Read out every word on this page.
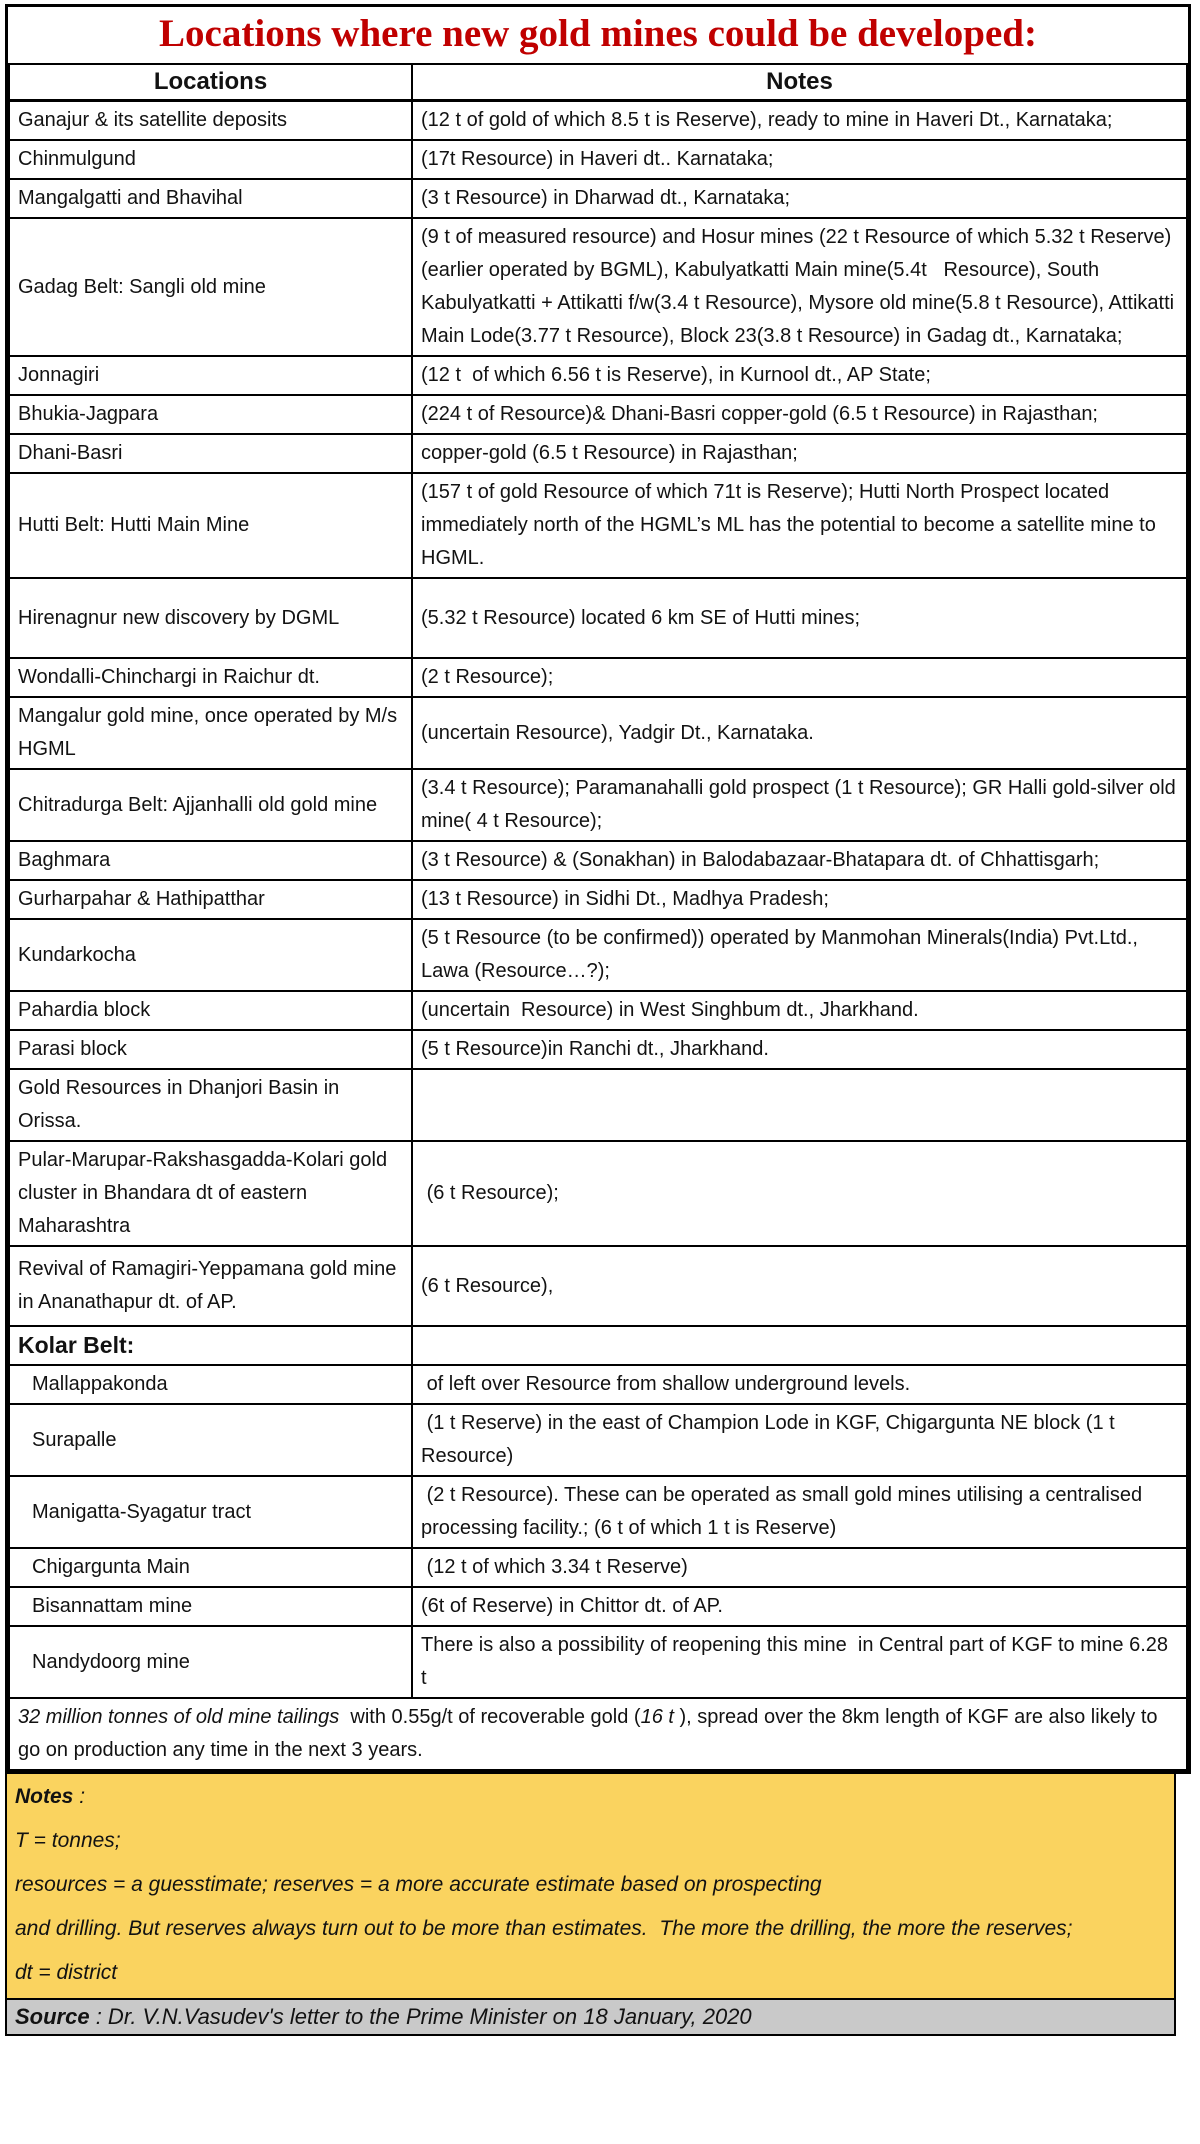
Locations where new gold mines could be developed:
Locations	Notes
Ganajur & its satellite deposits	(12 t of gold of which 8.5 t is Reserve), ready to mine in Haveri Dt., Karnataka;
Chinmulgund	(17t Resource) in Haveri dt.. Karnataka;
Mangalgatti and Bhavihal	(3 t Resource) in Dharwad dt., Karnataka;
Gadag Belt: Sangli old mine	(9 t of measured resource) and Hosur mines (22 t Resource of which 5.32 t Reserve) (earlier operated by BGML), Kabulyatkatti Main mine(5.4t   Resource), South Kabulyatkatti + Attikatti f/w(3.4 t Resource), Mysore old mine(5.8 t Resource), Attikatti Main Lode(3.77 t Resource), Block 23(3.8 t Resource) in Gadag dt., Karnataka;
Jonnagiri	(12 t  of which 6.56 t is Reserve), in Kurnool dt., AP State;
Bhukia-Jagpara	(224 t of Resource)& Dhani-Basri copper-gold (6.5 t Resource) in Rajasthan;
Dhani-Basri	copper-gold (6.5 t Resource) in Rajasthan;
Hutti Belt: Hutti Main Mine	(157 t of gold Resource of which 71t is Reserve); Hutti North Prospect located immediately north of the HGML’s ML has the potential to become a satellite mine to HGML.
Hirenagnur new discovery by DGML	(5.32 t Resource) located 6 km SE of Hutti mines;
Wondalli-Chinchargi in Raichur dt.	(2 t Resource);
Mangalur gold mine, once operated by M/s HGML	(uncertain Resource), Yadgir Dt., Karnataka.
Chitradurga Belt: Ajjanhalli old gold mine	(3.4 t Resource); Paramanahalli gold prospect (1 t Resource); GR Halli gold-silver old mine( 4 t Resource);
Baghmara	(3 t Resource) & (Sonakhan) in Balodabazaar-Bhatapara dt. of Chhattisgarh;
Gurharpahar & Hathipatthar	(13 t Resource) in Sidhi Dt., Madhya Pradesh;
Kundarkocha	(5 t Resource (to be confirmed)) operated by Manmohan Minerals(India) Pvt.Ltd., Lawa (Resource…?);
Pahardia block	(uncertain  Resource) in West Singhbum dt., Jharkhand.
Parasi block	(5 t Resource)in Ranchi dt., Jharkhand.
Gold Resources in Dhanjori Basin in Orissa.	
Pular-Marupar-Rakshasgadda-Kolari gold cluster in Bhandara dt of eastern Maharashtra	(6 t Resource);
Revival of Ramagiri-Yeppamana gold mine in Ananathapur dt. of AP.	(6 t Resource),
Kolar Belt:	
Mallappakonda	of left over Resource from shallow underground levels.
Surapalle	(1 t Reserve) in the east of Champion Lode in KGF, Chigargunta NE block (1 t Resource)
Manigatta-Syagatur tract	(2 t Resource). These can be operated as small gold mines utilising a centralised processing facility.; (6 t of which 1 t is Reserve)
Chigargunta Main	(12 t of which 3.34 t Reserve)
Bisannattam mine	(6t of Reserve) in Chittor dt. of AP.
Nandydoorg mine	There is also a possibility of reopening this mine  in Central part of KGF to mine 6.28 t
32 million tonnes of old mine tailings  with 0.55g/t of recoverable gold (16 t ), spread over the 8km length of KGF are also likely to go on production any time in the next 3 years.	
Notes :
T = tonnes;
resources = a guesstimate; reserves = a more accurate estimate based on prospecting
and drilling. But reserves always turn out to be more than estimates.  The more the drilling, the more the reserves;
dt = district
Source : Dr. V.N.Vasudev's letter to the Prime Minister on 18 January, 2020
